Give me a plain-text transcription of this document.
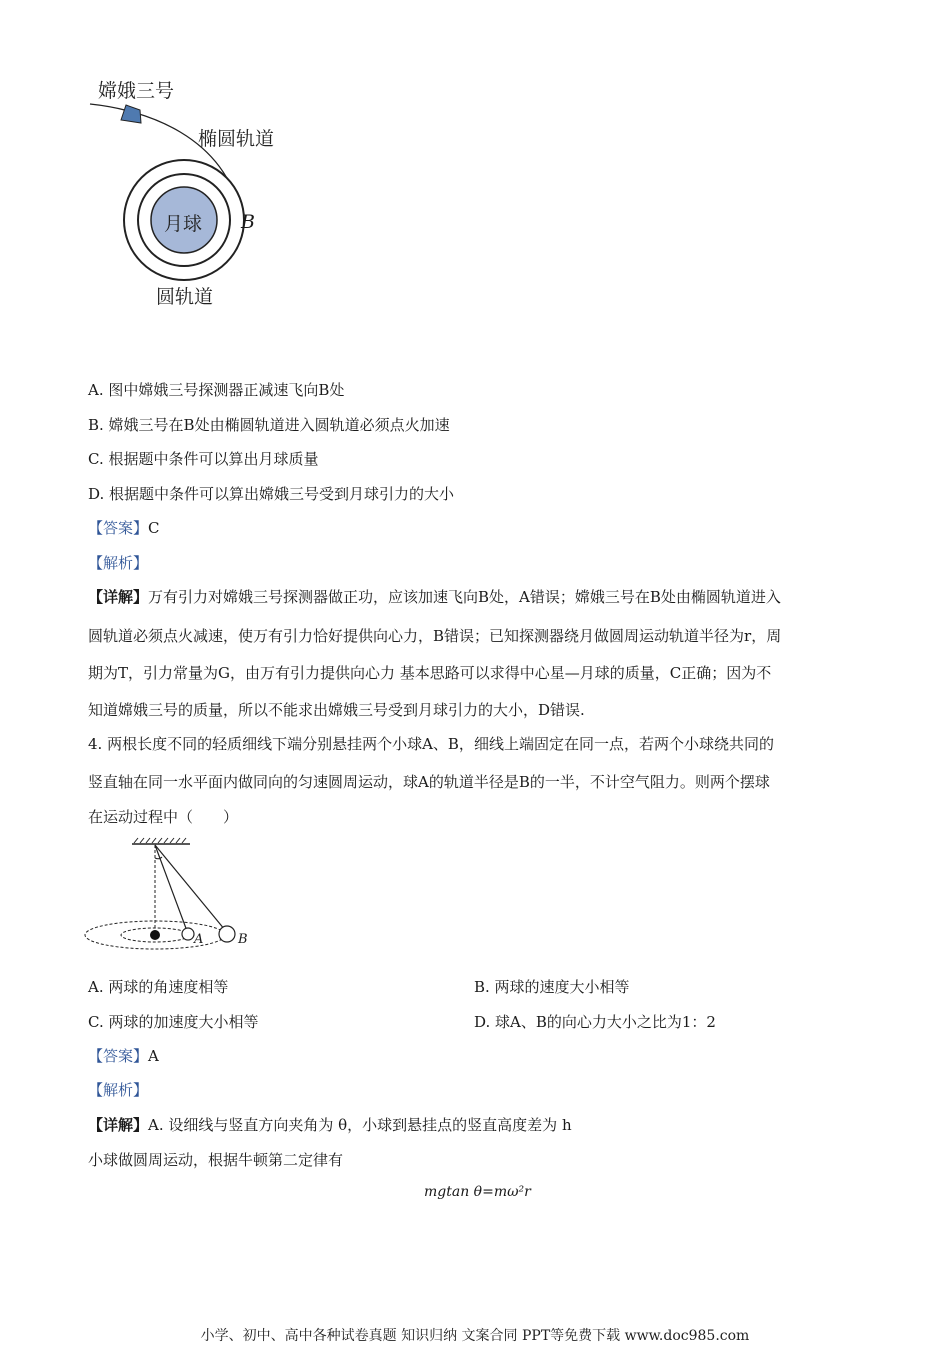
嫦娥三号
椭圆轨道
月球 B
圆轨道
A. 图中嫦娥三号探测器正减速飞向B处
B. 嫦娥三号在B处由椭圆轨道进入圆轨道必须点火加速
C. 根据题中条件可以算出月球质量
D. 根据题中条件可以算出嫦娥三号受到月球引力的大小
【答案】C
【解析】
【详解】万有引力对嫦娥三号探测器做正功，应该加速飞向B处，A错误；嫦娥三号在B处由椭圆轨道进入
圆轨道必须点火减速，使万有引力恰好提供向心力，B错误；已知探测器绕月做圆周运动轨道半径为r，周
期为T，引力常量为G，由万有引力提供向心力 基本思路可以求得中心星—月球的质量，C正确；因为不
知道嫦娥三号的质量，所以不能求出嫦娥三号受到月球引力的大小，D错误.
4. 两根长度不同的轻质细线下端分别悬挂两个小球A、B，细线上端固定在同一点，若两个小球绕共同的
竖直轴在同一水平面内做同向的匀速圆周运动，球A的轨道半径是B的一半，不计空气阻力。则两个摆球
在运动过程中（　　）
A	B
A. 两球的角速度相等	B. 两球的速度大小相等
C. 两球的加速度大小相等	D. 球A、B的向心力大小之比为1：2
【答案】A
【解析】
【详解】A. 设细线与竖直方向夹角为 θ，小球到悬挂点的竖直高度差为 h
小球做圆周运动，根据牛顿第二定律有
mgtan θ=mω²r
小学、初中、高中各种试卷真题 知识归纳 文案合同 PPT等免费下载 www.doc985.com
